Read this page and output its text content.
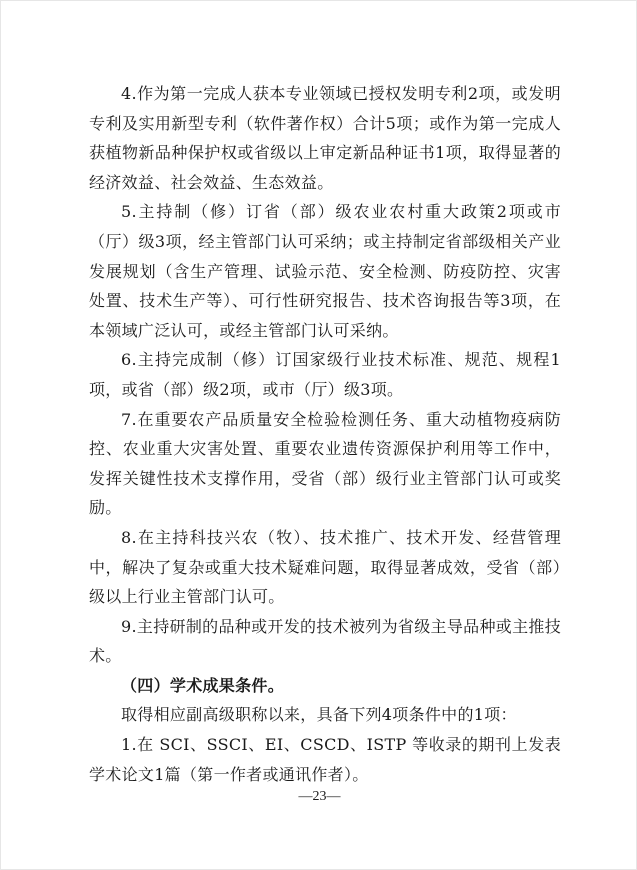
4.作为第一完成人获本专业领域已授权发明专利2项，或发明专利及实用新型专利（软件著作权）合计5项；或作为第一完成人获植物新品种保护权或省级以上审定新品种证书1项，取得显著的经济效益、社会效益、生态效益。

5.主持制（修）订省（部）级农业农村重大政策2项或市（厅）级3项，经主管部门认可采纳；或主持制定省部级相关产业发展规划（含生产管理、试验示范、安全检测、防疫防控、灾害处置、技术生产等）、可行性研究报告、技术咨询报告等3项，在本领域广泛认可，或经主管部门认可采纳。

6.主持完成制（修）订国家级行业技术标准、规范、规程1项，或省（部）级2项，或市（厅）级3项。

7.在重要农产品质量安全检验检测任务、重大动植物疫病防控、农业重大灾害处置、重要农业遗传资源保护利用等工作中，发挥关键性技术支撑作用，受省（部）级行业主管部门认可或奖励。

8.在主持科技兴农（牧）、技术推广、技术开发、经营管理中，解决了复杂或重大技术疑难问题，取得显著成效，受省（部）级以上行业主管部门认可。

9.主持研制的品种或开发的技术被列为省级主导品种或主推技术。

（四）学术成果条件。

取得相应副高级职称以来，具备下列4项条件中的1项：

1.在 SCI、SSCI、EI、CSCD、ISTP 等收录的期刊上发表学术论文1篇（第一作者或通讯作者）。

—23—
